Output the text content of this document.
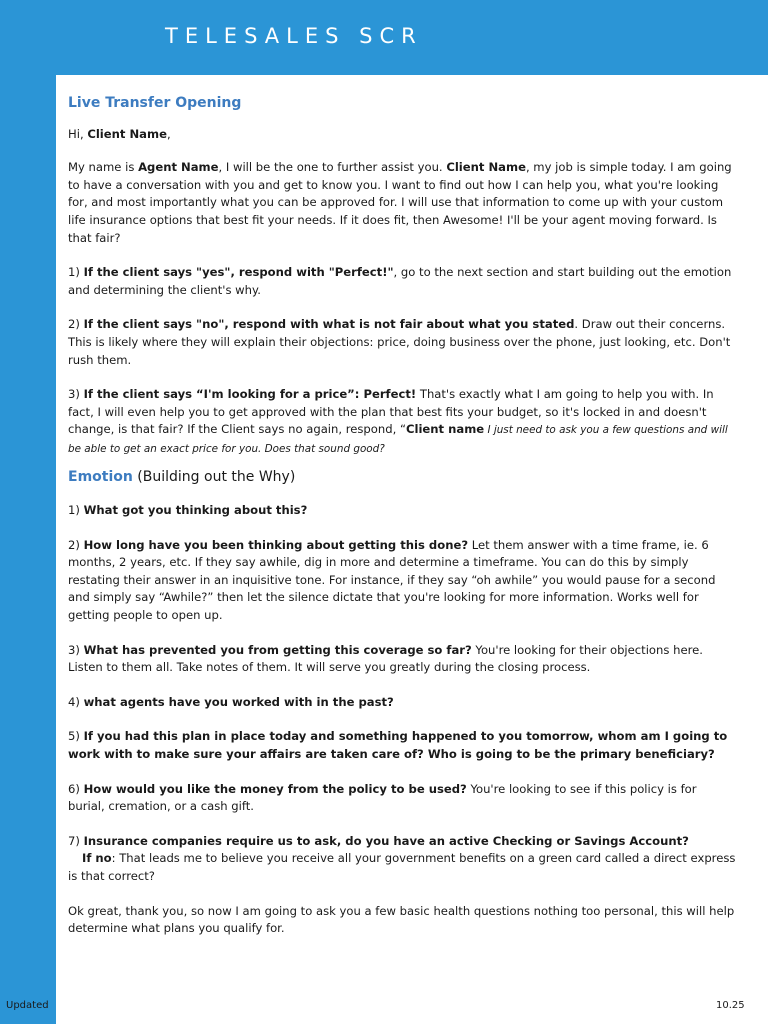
TELESALES SCR

Live Transfer Opening

Hi, Client Name,

My name is Agent Name, I will be the one to further assist you. Client Name, my job is simple today. I am going to have a conversation with you and get to know you. I want to find out how I can help you, what you're looking for, and most importantly what you can be approved for. I will use that information to come up with your custom life insurance options that best fit your needs. If it does fit, then Awesome! I'll be your agent moving forward. Is that fair?

1) If the client says "yes", respond with "Perfect!", go to the next section and start building out the emotion and determining the client's why.

2) If the client says "no", respond with what is not fair about what you stated. Draw out their concerns. This is likely where they will explain their objections: price, doing business over the phone, just looking, etc. Don't rush them.

3) If the client says “I'm looking for a price”: Perfect! That's exactly what I am going to help you with. In fact, I will even help you to get approved with the plan that best fits your budget, so it's locked in and doesn't change, is that fair? If the Client says no again, respond, “Client name I just need to ask you a few questions and will be able to get an exact price for you. Does that sound good?

Emotion (Building out the Why)

1) What got you thinking about this?

2) How long have you been thinking about getting this done? Let them answer with a time frame, ie. 6 months, 2 years, etc. If they say awhile, dig in more and determine a timeframe. You can do this by simply restating their answer in an inquisitive tone. For instance, if they say “oh awhile” you would pause for a second and simply say “Awhile?” then let the silence dictate that you're looking for more information. Works well for getting people to open up.

3) What has prevented you from getting this coverage so far? You're looking for their objections here. Listen to them all. Take notes of them. It will serve you greatly during the closing process.

4) what agents have you worked with in the past?

5) If you had this plan in place today and something happened to you tomorrow, whom am I going to work with to make sure your affairs are taken care of? Who is going to be the primary beneficiary?

6) How would you like the money from the policy to be used? You're looking to see if this policy is for burial, cremation, or a cash gift.

7) Insurance companies require us to ask, do you have an active Checking or Savings Account?

If no: That leads me to believe you receive all your government benefits on a green card called a direct express is that correct?

Ok great, thank you, so now I am going to ask you a few basic health questions nothing too personal, this will help determine what plans you qualify for.

Updated	10.25
